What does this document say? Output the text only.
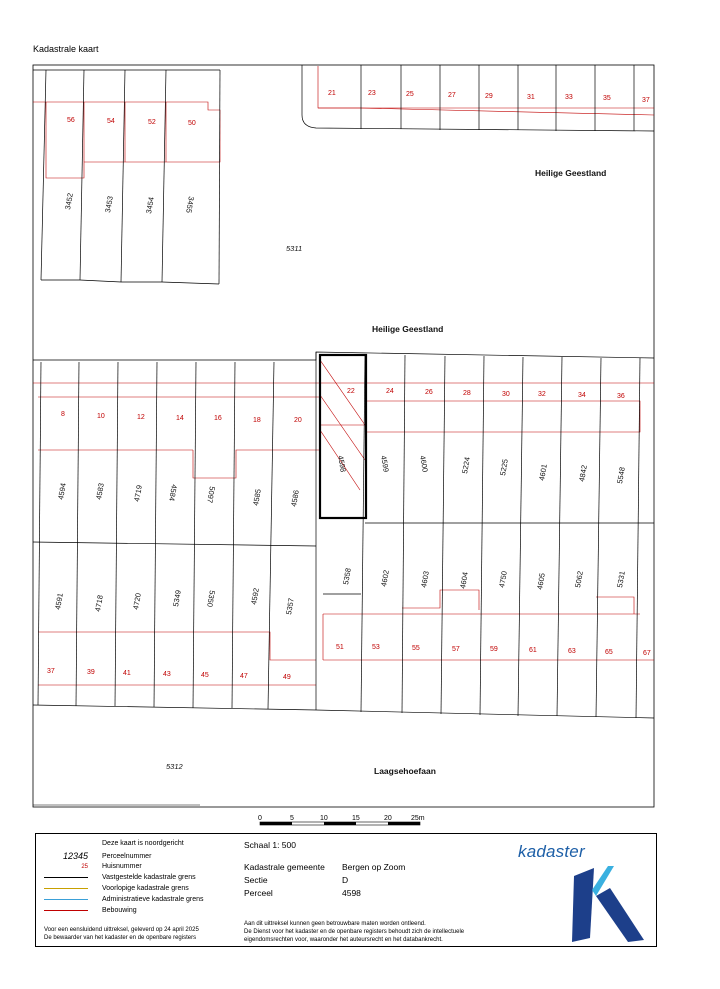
Kadastrale kaart
Heilige Geestland
Heilige Geestland
Laagsehoefaan
5311
5312
56	54	52	50
3452	3453	3454	3455
21	23	25	27	29	31	33	35	37
8	10	12	14	16	18	20
4594	4583	4719	4584	5097	4585	4586
4591	4718	4720	5349	5350	4592
5357
37	39	41	43	45	47	49
4598
22	24	26	28	30	32	34	36
4599	4600	5224	5225	4601	4842	5548
5358	4602	4603	4604	4750	4605	5062	5331
51	53	55	57	59	61	63	65	67
0	5	10	15	20	25m
Deze kaart is noordgericht
12345 Perceelnummer
25 Huisnummer
Vastgestelde kadastrale grens
Voorlopige kadastrale grens
Administratieve kadastrale grens
Bebouwing
Voor een eensluidend uittreksel, geleverd op 24 april 2025
De bewaarder van het kadaster en de openbare registers
Schaal 1: 500
Kadastrale gemeente	Bergen op Zoom
Sectie	D
Perceel	4598
Aan dit uittreksel kunnen geen betrouwbare maten worden ontleend.
De Dienst voor het kadaster en de openbare registers behoudt zich de intellectuele
eigendomsrechten voor, waaronder het auteursrecht en het databankrecht.
kadaster
